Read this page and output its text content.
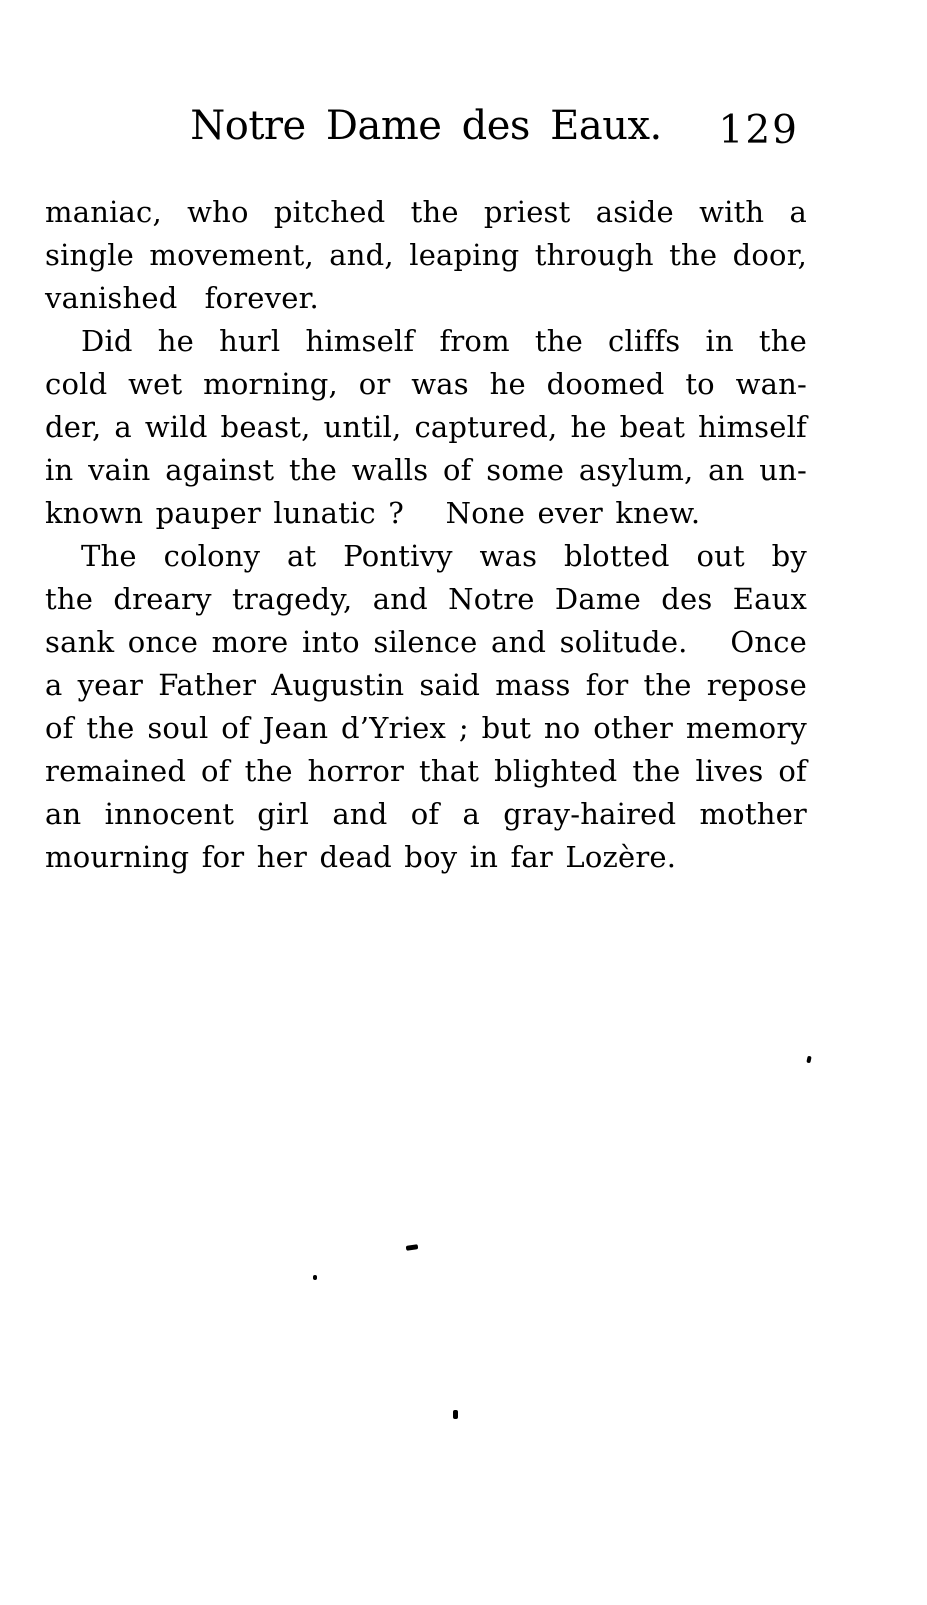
Notre Dame des Eaux.	129
maniac, who pitched the priest aside with a
single movement, and, leaping through the door,
vanished  forever.
Did he hurl himself from the cliffs in the
cold wet morning, or was he doomed to wan-
der, a wild beast, until, captured, he beat himself
in vain against the walls of some asylum, an un-
known pauper lunatic ?  None ever knew.
The colony at Pontivy was blotted out by
the dreary tragedy, and Notre Dame des Eaux
sank once more into silence and solitude.  Once
a year Father Augustin said mass for the repose
of the soul of Jean d’Yriex ; but no other memory
remained of the horror that blighted the lives of
an innocent girl and of a gray-haired mother
mourning for her dead boy in far Lozère.
